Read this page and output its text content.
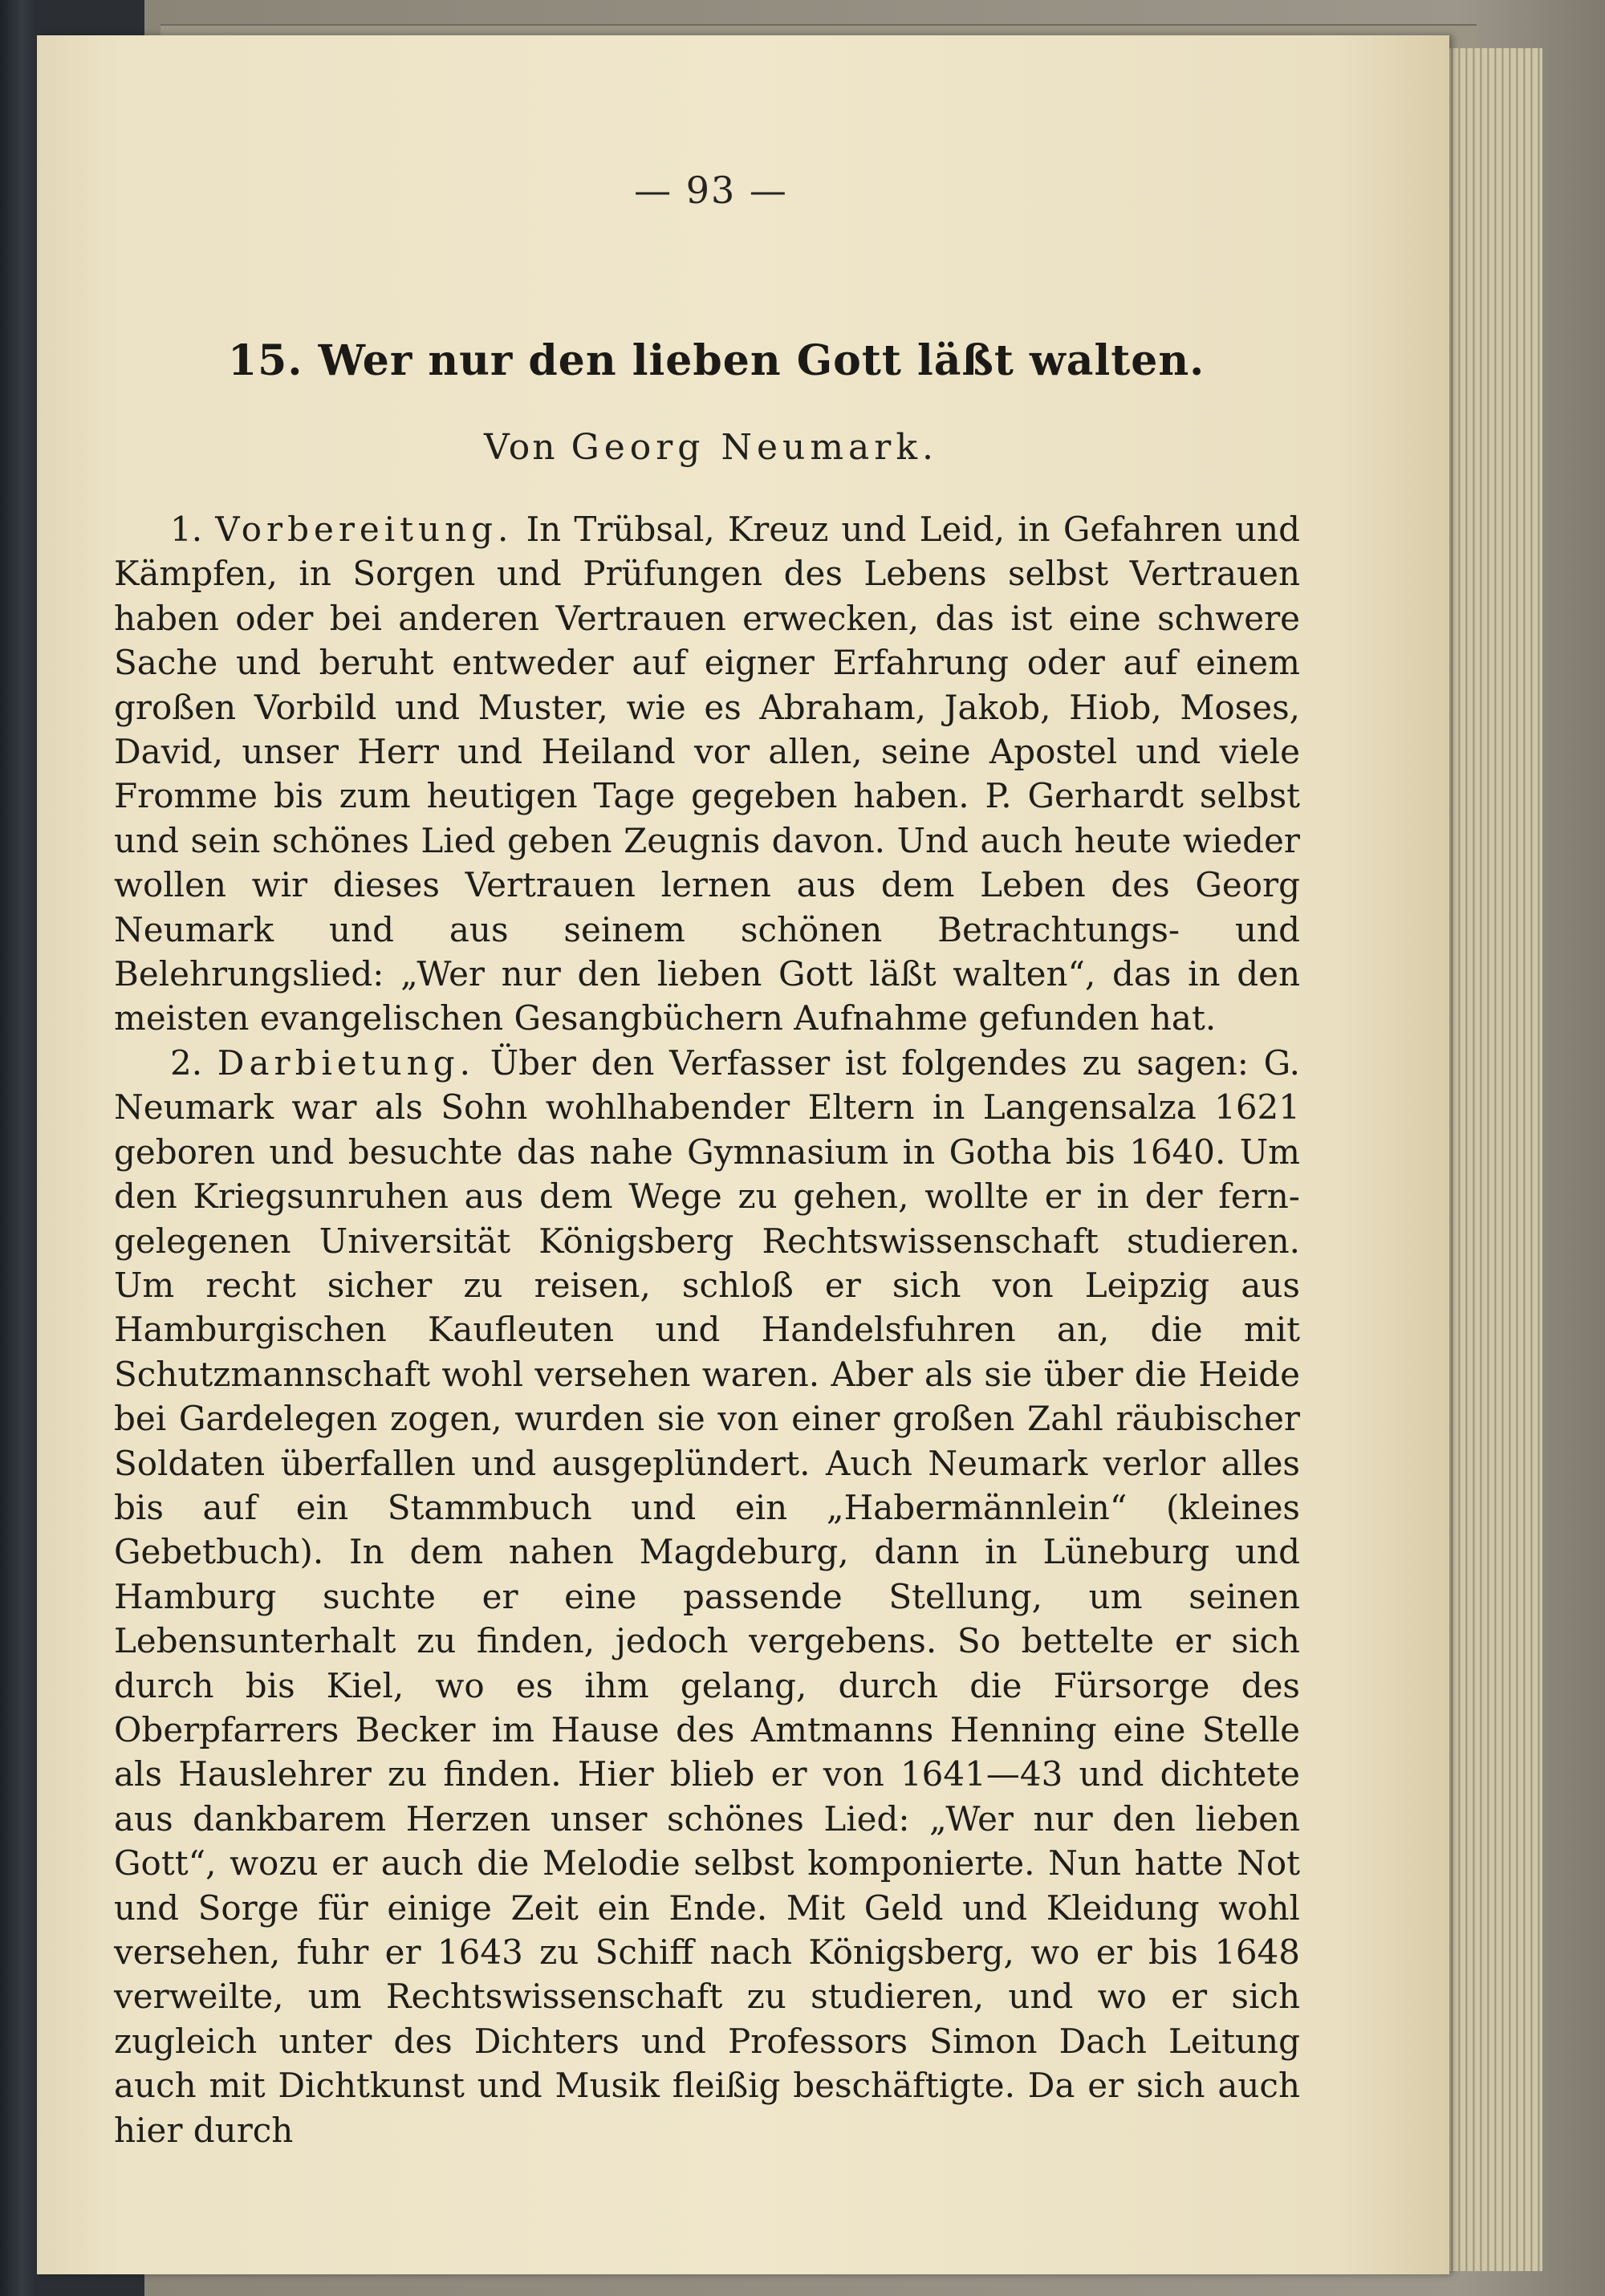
— 93 —
15. Wer nur den lieben Gott läßt walten.
Von Georg Neumark.

1. Vorbereitung. In Trübsal, Kreuz und Leid, in Gefahren und Kämpfen, in Sorgen und Prüfungen des Lebens selbst Vertrauen haben oder bei anderen Vertrauen erwecken, das ist eine schwere Sache und beruht entweder auf eigner Erfahrung oder auf einem großen Vorbild und Muster, wie es Abraham, Jakob, Hiob, Moses, David, unser Herr und Heiland vor allen, seine Apostel und viele Fromme bis zum heutigen Tage gegeben haben. P. Gerhardt selbst und sein schönes Lied geben Zeugnis davon. Und auch heute wieder wollen wir dieses Vertrauen lernen aus dem Leben des Georg Neumark und aus seinem schönen Betrachtungs- und Belehrungslied: „Wer nur den lieben Gott läßt walten“, das in den meisten evangelischen Gesangbüchern Aufnahme gefunden hat.

2. Darbietung. Über den Verfasser ist folgendes zu sagen: G. Neumark war als Sohn wohlhabender Eltern in Langensalza 1621 geboren und besuchte das nahe Gymnasium in Gotha bis 1640. Um den Kriegsunruhen aus dem Wege zu gehen, wollte er in der ferngelegenen Universität Königsberg Rechtswissenschaft studieren. Um recht sicher zu reisen, schloß er sich von Leipzig aus Hamburgischen Kaufleuten und Handelsfuhren an, die mit Schutzmannschaft wohl versehen waren. Aber als sie über die Heide bei Gardelegen zogen, wurden sie von einer großen Zahl räubischer Soldaten überfallen und ausgeplündert. Auch Neumark verlor alles bis auf ein Stammbuch und ein „Habermännlein“ (kleines Gebetbuch). In dem nahen Magdeburg, dann in Lüneburg und Hamburg suchte er eine passende Stellung, um seinen Lebensunterhalt zu finden, jedoch vergebens. So bettelte er sich durch bis Kiel, wo es ihm gelang, durch die Fürsorge des Oberpfarrers Becker im Hause des Amtmanns Henning eine Stelle als Hauslehrer zu finden. Hier blieb er von 1641—43 und dichtete aus dankbarem Herzen unser schönes Lied: „Wer nur den lieben Gott“, wozu er auch die Melodie selbst komponierte. Nun hatte Not und Sorge für einige Zeit ein Ende. Mit Geld und Kleidung wohl versehen, fuhr er 1643 zu Schiff nach Königsberg, wo er bis 1648 verweilte, um Rechtswissenschaft zu studieren, und wo er sich zugleich unter des Dichters und Professors Simon Dach Leitung auch mit Dichtkunst und Musik fleißig beschäftigte. Da er sich auch hier durch
